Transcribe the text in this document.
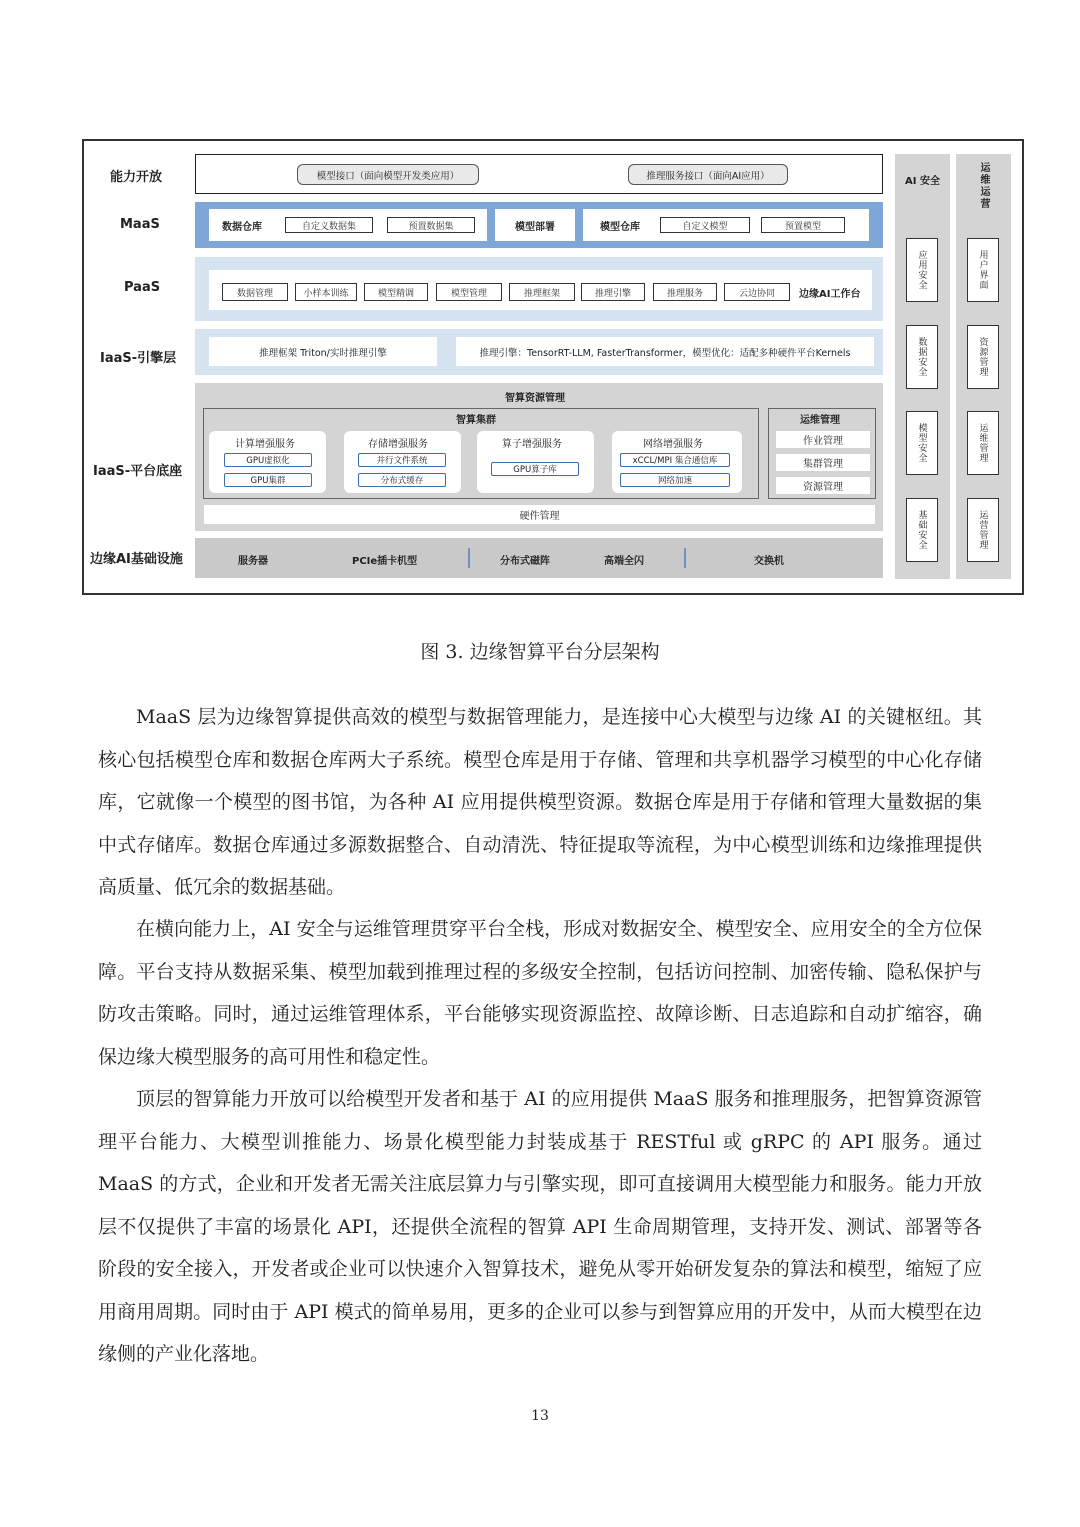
能力开放
MaaS
PaaS
IaaS-引擎层
IaaS-平台底座
边缘AI基础设施
模型接口（面向模型开发类应用）	推理服务接口（面向AI应用）
数据仓库	自定义数据集	预置数据集	模型部署	模型仓库	自定义模型	预置模型
数据管理	小样本训练	模型精调	模型管理	推理框架	推理引擎	推理服务	云边协同	边缘AI工作台
推理框架 Triton/实时推理引擎	推理引擎：TensorRT-LLM, FasterTransformer，模型优化：适配多种硬件平台Kernels
智算资源管理
智算集群
计算增强服务
GPU虚拟化
GPU集群
存储增强服务
并行文件系统
分布式缓存
算子增强服务
GPU算子库
网络增强服务
xCCL/MPI 集合通信库
网络加速
运维管理
作业管理
集群管理
资源管理
硬件管理
服务器	PCIe插卡机型	分布式磁阵	高端全闪	交换机
AI 安全
应用安全
数据安全
模型安全
基础安全
运维运营
用户界面
资源管理
运维管理
运营管理
图 3. 边缘智算平台分层架构

MaaS 层为边缘智算提供高效的模型与数据管理能力，是连接中心大模型与边缘 AI 的关键枢纽。其核心包括模型仓库和数据仓库两大子系统。模型仓库是用于存储、管理和共享机器学习模型的中心化存储库，它就像一个模型的图书馆，为各种 AI 应用提供模型资源。数据仓库是用于存储和管理大量数据的集中式存储库。数据仓库通过多源数据整合、自动清洗、特征提取等流程，为中心模型训练和边缘推理提供高质量、低冗余的数据基础。

在横向能力上，AI 安全与运维管理贯穿平台全栈，形成对数据安全、模型安全、应用安全的全方位保障。平台支持从数据采集、模型加载到推理过程的多级安全控制，包括访问控制、加密传输、隐私保护与防攻击策略。同时，通过运维管理体系，平台能够实现资源监控、故障诊断、日志追踪和自动扩缩容，确保边缘大模型服务的高可用性和稳定性。

顶层的智算能力开放可以给模型开发者和基于 AI 的应用提供 MaaS 服务和推理服务，把智算资源管理平台能力、大模型训推能力、场景化模型能力封装成基于 RESTful 或 gRPC 的 API 服务。通过 MaaS 的方式，企业和开发者无需关注底层算力与引擎实现，即可直接调用大模型能力和服务。能力开放层不仅提供了丰富的场景化 API，还提供全流程的智算 API 生命周期管理，支持开发、测试、部署等各阶段的安全接入，开发者或企业可以快速介入智算技术，避免从零开始研发复杂的算法和模型，缩短了应用商用周期。同时由于 API 模式的简单易用，更多的企业可以参与到智算应用的开发中，从而大模型在边缘侧的产业化落地。

13
